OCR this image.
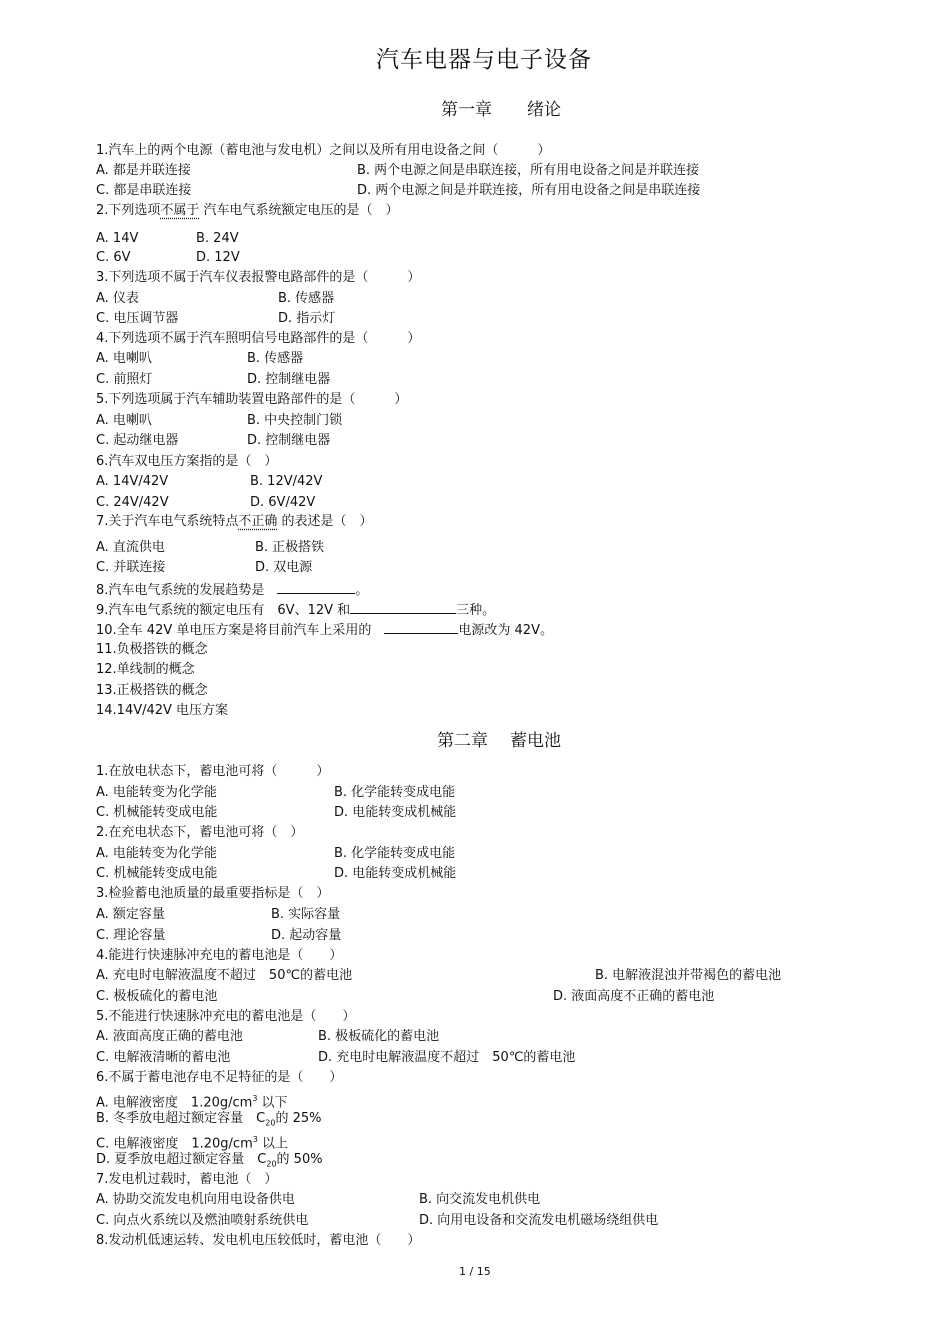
汽车电器与电子设备
第一章 绪论
1.汽车上的两个电源（蓄电池与发电机）之间以及所有用电设备之间（　　　）
A. 都是并联连接	B. 两个电源之间是串联连接，所有用电设备之间是并联连接
C. 都是串联连接	D. 两个电源之间是并联连接，所有用电设备之间是串联连接
2.下列选项不属于 汽车电气系统额定电压的是（　）
A. 14V	B. 24V
C. 6V	D. 12V
3.下列选项不属于汽车仪表报警电路部件的是（　　　）
A. 仪表	B. 传感器
C. 电压调节器	D. 指示灯
4.下列选项不属于汽车照明信号电路部件的是（　　　）
A. 电喇叭	B. 传感器
C. 前照灯	D. 控制继电器
5.下列选项属于汽车辅助装置电路部件的是（　　　）
A. 电喇叭	B. 中央控制门锁
C. 起动继电器	D. 控制继电器
6.汽车双电压方案指的是（　）
A. 14V/42V	B. 12V/42V
C. 24V/42V	D. 6V/42V
7.关于汽车电气系统特点不正确 的表述是（　）
A. 直流供电	B. 正极搭铁
C. 并联连接	D. 双电源
8.汽车电气系统的发展趋势是　	。
9.汽车电气系统的额定电压有　6V、12V 和	三种。
10.全车 42V 单电压方案是将目前汽车上采用的　	电源改为 42V。
11.负极搭铁的概念
12.单线制的概念
13.正极搭铁的概念
14.14V/42V 电压方案
第二章 蓄电池
1.在放电状态下，蓄电池可将（　　　）
A. 电能转变为化学能	B. 化学能转变成电能
C. 机械能转变成电能	D. 电能转变成机械能
2.在充电状态下，蓄电池可将（　）
A. 电能转变为化学能	B. 化学能转变成电能
C. 机械能转变成电能	D. 电能转变成机械能
3.检验蓄电池质量的最重要指标是（　）
A. 额定容量	B. 实际容量
C. 理论容量	D. 起动容量
4.能进行快速脉冲充电的蓄电池是（　　）
A. 充电时电解液温度不超过　50℃的蓄电池	B. 电解液混浊并带褐色的蓄电池
C. 极板硫化的蓄电池	D. 液面高度不正确的蓄电池
5.不能进行快速脉冲充电的蓄电池是（　　）
A. 液面高度正确的蓄电池	B. 极板硫化的蓄电池
C. 电解液清晰的蓄电池	D. 充电时电解液温度不超过　50℃的蓄电池
6.不属于蓄电池存电不足特征的是（　　）
A. 电解液密度　$1.20g/cm^3$ 以下
B. 冬季放电超过额定容量　$C_{20}$的 25%
C. 电解液密度　$1.20g/cm^3$ 以上
D. 夏季放电超过额定容量　$C_{20}$的 50%
7.发电机过载时，蓄电池（　）
A. 协助交流发电机向用电设备供电	B. 向交流发电机供电
C. 向点火系统以及燃油喷射系统供电	D. 向用电设备和交流发电机磁场绕组供电
8.发动机低速运转、发电机电压较低时，蓄电池（　　）
1 / 15
